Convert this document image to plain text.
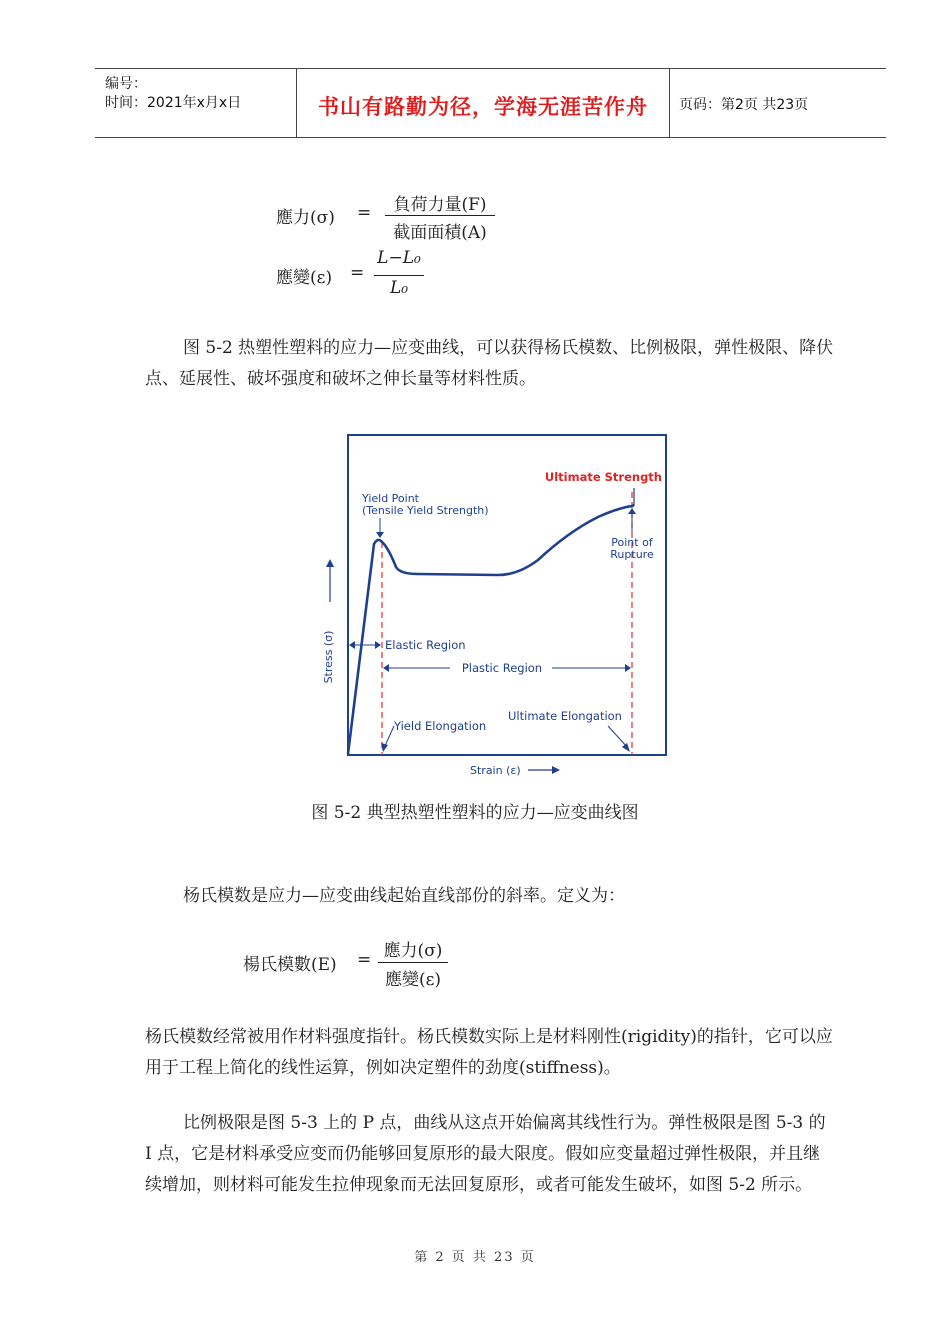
编号：
时间：2021年x月x日	书山有路勤为径，学海无涯苦作舟	页码：第2页 共23页
應力(σ) =	負荷力量(F)
截面面積(A)
應變(ε) =
L−L₀
L₀
图 5-2 热塑性塑料的应力—应变曲线，可以获得杨氏模数、比例极限，弹性极限、降伏点、延展性、破坏强度和破坏之伸长量等材料性质。
Ultimate Strength
Yield Point
(Tensile Yield Strength)
Point of
Rupture
Stress (σ)	Elastic Region
Plastic Region
Yield Elongation
Ultimate Elongation
Strain (ε)
图 5-2 典型热塑性塑料的应力—应变曲线图
杨氏模数是应力—应变曲线起始直线部份的斜率。定义为：
楊氏模數(E) = 應力(σ)
應變(ε)
杨氏模数经常被用作材料强度指针。杨氏模数实际上是材料刚性(rigidity)的指针，它可以应用于工程上简化的线性运算，例如决定塑件的劲度(stiffness)。
比例极限是图 5-3 上的 P 点，曲线从这点开始偏离其线性行为。弹性极限是图 5-3 的 I 点，它是材料承受应变而仍能够回复原形的最大限度。假如应变量超过弹性极限，并且继续增加，则材料可能发生拉伸现象而无法回复原形，或者可能发生破坏，如图 5-2 所示。
第 2 页 共 23 页
